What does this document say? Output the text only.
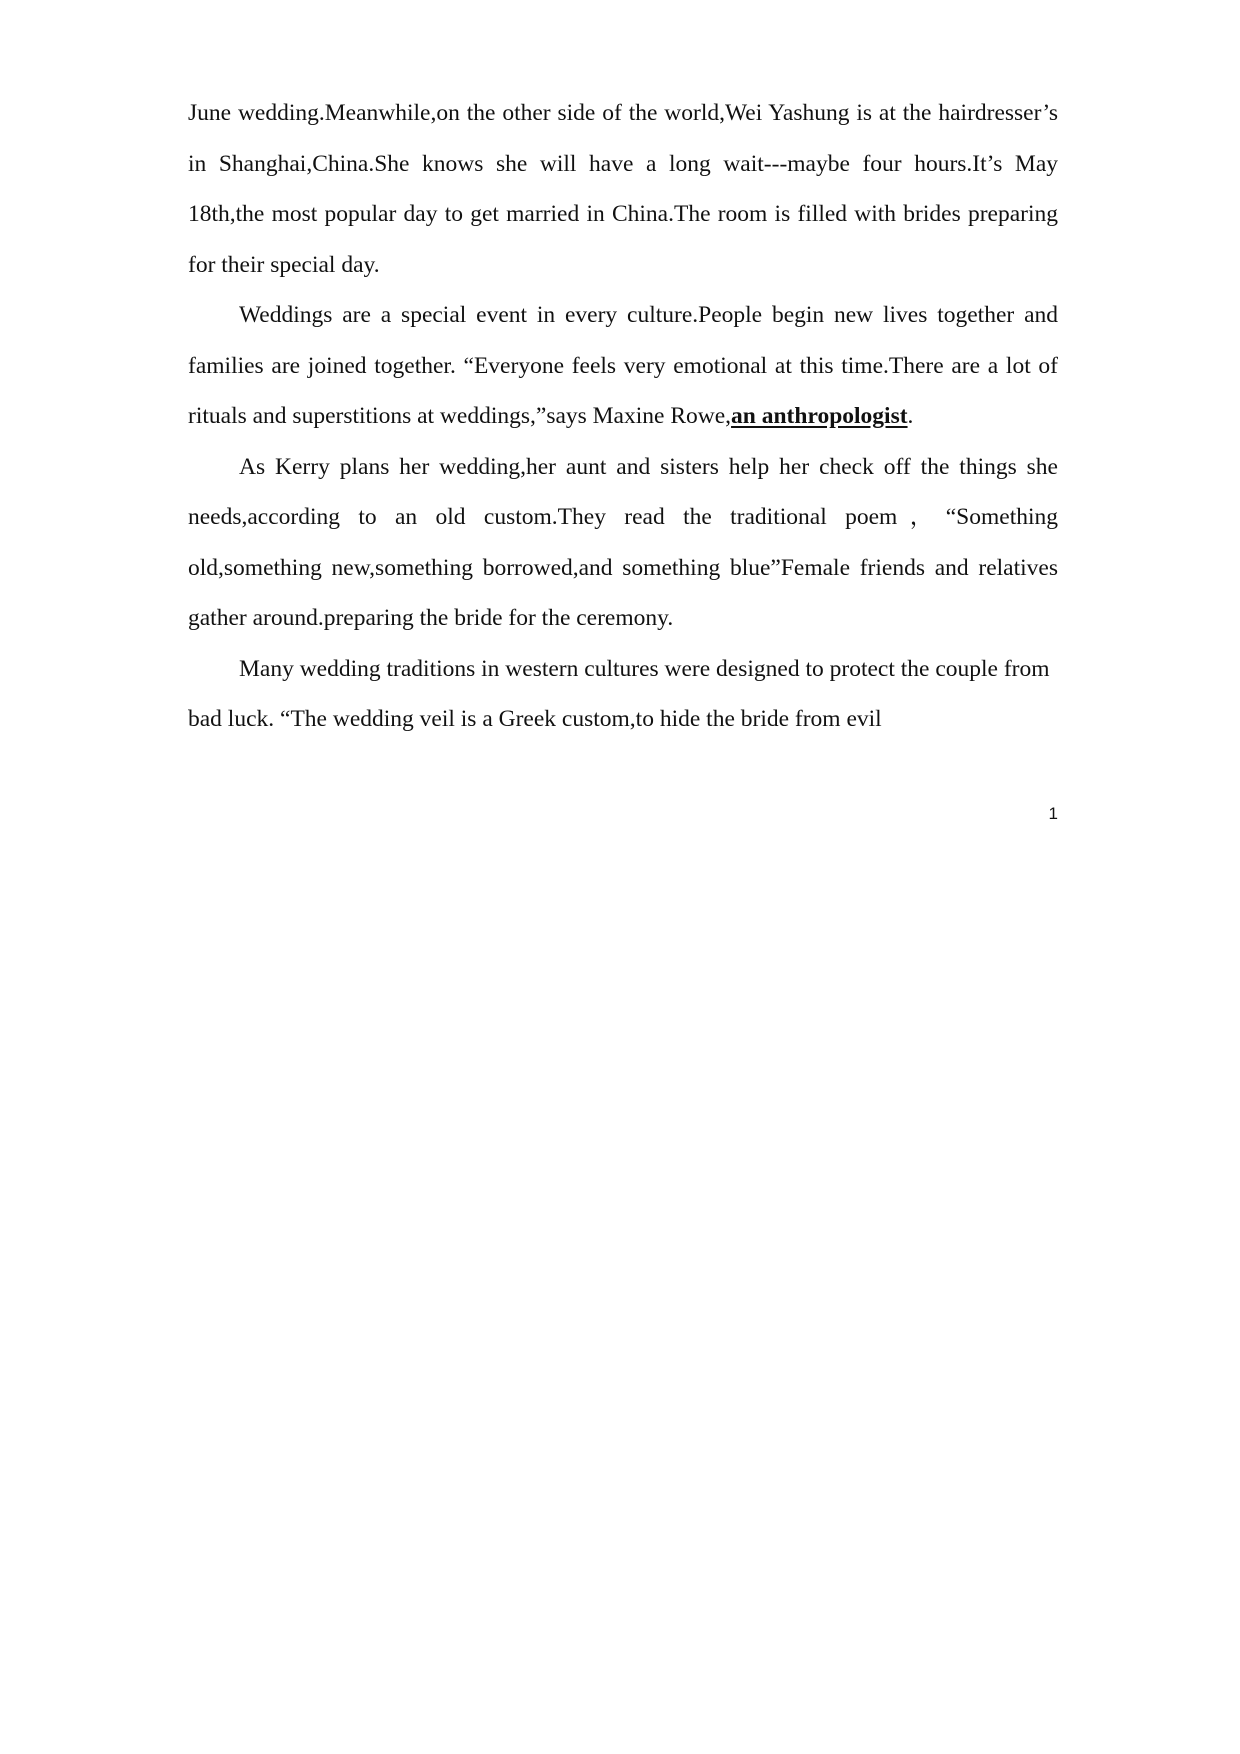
June wedding.Meanwhile,on the other side of the world,Wei Yashung is at the hairdresser’s in Shanghai,China.She knows she will have a long wait---maybe four hours.It’s May 18th,the most popular day to get married in China.The room is filled with brides preparing for their special day.

Weddings are a special event in every culture.People begin new lives together and families are joined together. “Everyone feels very emotional at this time.There are a lot of rituals and superstitions at weddings,”says Maxine Rowe,an anthropologist.

As Kerry plans her wedding,her aunt and sisters help her check off the things she needs,according to an old custom.They read the traditional poem，“Something old,something new,something borrowed,and something blue”Female friends and relatives gather around.preparing the bride for the ceremony.

Many wedding traditions in western cultures were designed to protect the couple from bad luck. “The wedding veil is a Greek custom,to hide the bride from evil

1
